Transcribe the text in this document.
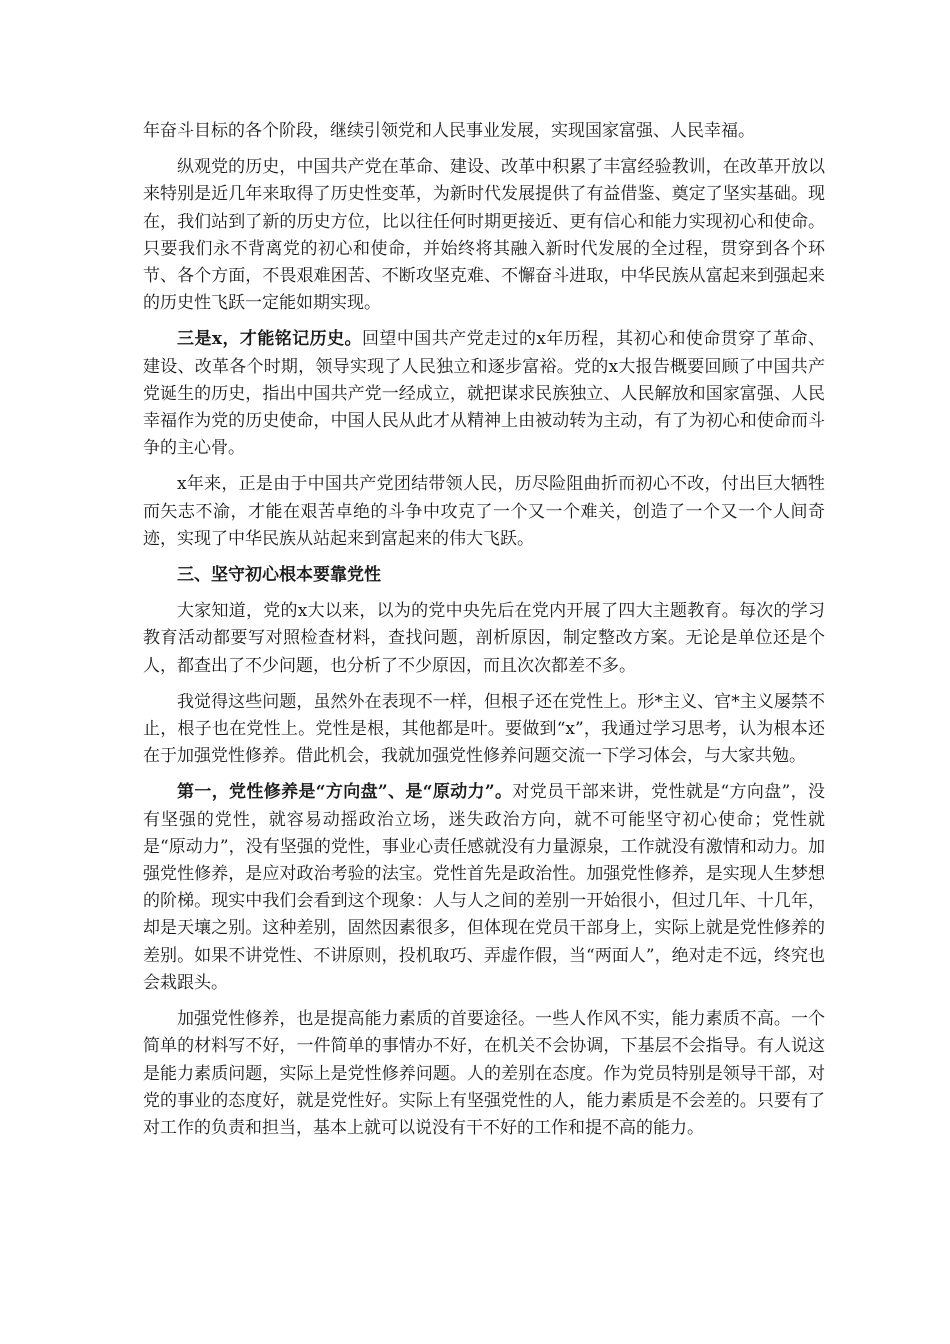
年奋斗目标的各个阶段，继续引领党和人民事业发展，实现国家富强、人民幸福。

纵观党的历史，中国共产党在革命、建设、改革中积累了丰富经验教训，在改革开放以来特别是近几年来取得了历史性变革，为新时代发展提供了有益借鉴、奠定了坚实基础。现在，我们站到了新的历史方位，比以往任何时期更接近、更有信心和能力实现初心和使命。只要我们永不背离党的初心和使命，并始终将其融入新时代发展的全过程，贯穿到各个环节、各个方面，不畏艰难困苦、不断攻坚克难、不懈奋斗进取，中华民族从富起来到强起来的历史性飞跃一定能如期实现。

三是x，才能铭记历史。回望中国共产党走过的x年历程，其初心和使命贯穿了革命、建设、改革各个时期，领导实现了人民独立和逐步富裕。党的x大报告概要回顾了中国共产党诞生的历史，指出中国共产党一经成立，就把谋求民族独立、人民解放和国家富强、人民幸福作为党的历史使命，中国人民从此才从精神上由被动转为主动，有了为初心和使命而斗争的主心骨。

x年来，正是由于中国共产党团结带领人民，历尽险阻曲折而初心不改，付出巨大牺牲而矢志不渝，才能在艰苦卓绝的斗争中攻克了一个又一个难关，创造了一个又一个人间奇迹，实现了中华民族从站起来到富起来的伟大飞跃。

三、坚守初心根本要靠党性

大家知道，党的x大以来，以为的党中央先后在党内开展了四大主题教育。每次的学习教育活动都要写对照检查材料，查找问题，剖析原因，制定整改方案。无论是单位还是个人，都查出了不少问题，也分析了不少原因，而且次次都差不多。

我觉得这些问题，虽然外在表现不一样，但根子还在党性上。形*主义、官*主义屡禁不止，根子也在党性上。党性是根，其他都是叶。要做到“x”，我通过学习思考，认为根本还在于加强党性修养。借此机会，我就加强党性修养问题交流一下学习体会，与大家共勉。

第一，党性修养是“方向盘”、是“原动力”。对党员干部来讲，党性就是“方向盘”，没有坚强的党性，就容易动摇政治立场，迷失政治方向，就不可能坚守初心使命；党性就是“原动力”，没有坚强的党性，事业心责任感就没有力量源泉，工作就没有激情和动力。加强党性修养，是应对政治考验的法宝。党性首先是政治性。加强党性修养，是实现人生梦想的阶梯。现实中我们会看到这个现象：人与人之间的差别一开始很小，但过几年、十几年，却是天壤之别。这种差别，固然因素很多，但体现在党员干部身上，实际上就是党性修养的差别。如果不讲党性、不讲原则，投机取巧、弄虚作假，当“两面人”，绝对走不远，终究也会栽跟头。

加强党性修养，也是提高能力素质的首要途径。一些人作风不实，能力素质不高。一个简单的材料写不好，一件简单的事情办不好，在机关不会协调，下基层不会指导。有人说这是能力素质问题，实际上是党性修养问题。人的差别在态度。作为党员特别是领导干部，对党的事业的态度好，就是党性好。实际上有坚强党性的人，能力素质是不会差的。只要有了对工作的负责和担当，基本上就可以说没有干不好的工作和提不高的能力。
